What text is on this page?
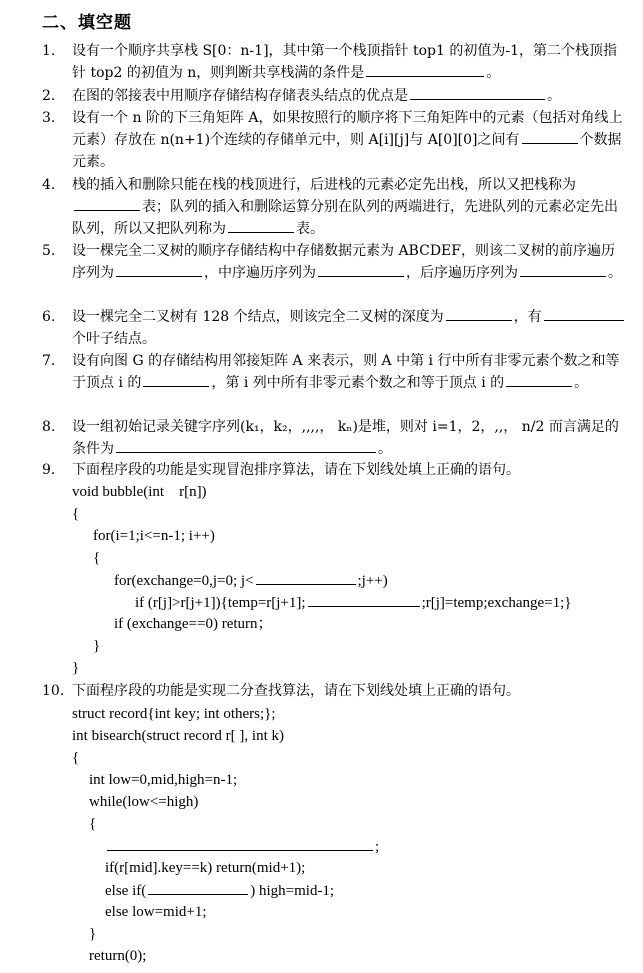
二、填空题
1. 设有一个顺序共享栈 S[0：n-1]，其中第一个栈顶指针 top1 的初值为-1，第二个栈顶指针 top2 的初值为 n，则判断共享栈满的条件是	。
2. 在图的邻接表中用顺序存储结构存储表头结点的优点是	。
3. 设有一个 n 阶的下三角矩阵 A，如果按照行的顺序将下三角矩阵中的元素（包括对角线上元素）存放在 n(n+1)个连续的存储单元中，则 A[i][j]与 A[0][0]之间有	个数据元素。
4. 栈的插入和删除只能在栈的栈顶进行，后进栈的元素必定先出栈，所以又把栈称为表；队列的插入和删除运算分别在队列的两端进行，先进队列的元素必定先出队列，所以又把队列称为	表。
5. 设一棵完全二叉树的顺序存储结构中存储数据元素为 ABCDEF，则该二叉树的前序遍历序列为	，中序遍历序列为	，后序遍历序列为	。
6. 设一棵完全二叉树有 128 个结点，则该完全二叉树的深度为	，有个叶子结点。
7. 设有向图 G 的存储结构用邻接矩阵 A 来表示，则 A 中第 i 行中所有非零元素个数之和等于顶点 i 的	，第 i 列中所有非零元素个数之和等于顶点 i 的	。
8. 设一组初始记录关键字序列(k₁，k₂，,,,,， kₙ)是堆，则对 i=1，2，,,， n/2 而言满足的条件为	。
9. 下面程序段的功能是实现冒泡排序算法，请在下划线处填上正确的语句。
void bubble(int    r[n])
{
for(i=1;i<=n-1; i++)
{
for(exchange=0,j=0; j<	;j++)
if (r[j]>r[j+1]){temp=r[j+1];	;r[j]=temp;exchange=1;}
if (exchange==0) return；
}
}
10. 下面程序段的功能是实现二分查找算法，请在下划线处填上正确的语句。
struct record{int key; int others;};
int bisearch(struct record r[ ], int k)
{
int low=0,mid,high=n-1;
while(low<=high)
{
;
if(r[mid].key==k) return(mid+1);
else if(	) high=mid-1;
else low=mid+1;
}
return(0);
